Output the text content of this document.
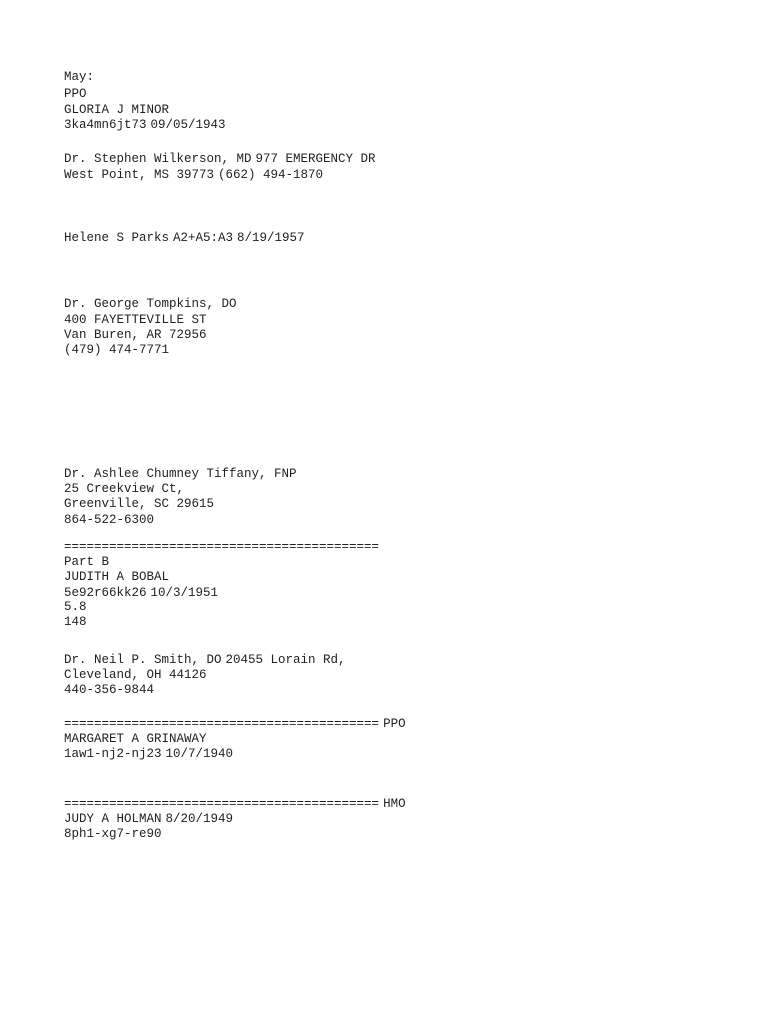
May:

PPO

GLORIA J MINOR

3ka4mn6jt73 09/05/1943

Dr. Stephen Wilkerson, MD 977 EMERGENCY DR

West Point, MS 39773 (662) 494-1870

Helene S Parks A2+A5:A3 8/19/1957

Dr. George Tompkins, DO

400 FAYETTEVILLE ST

Van Buren, AR 72956

(479) 474-7771

Dr. Ashlee Chumney Tiffany, FNP

25 Creekview Ct,

Greenville, SC 29615

864-522-6300

==========================================

Part B

JUDITH A BOBAL

5e92r66kk26 10/3/1951

5.8

148

Dr. Neil P. Smith, DO 20455 Lorain Rd,

Cleveland, OH 44126

440-356-9844

========================================== PPO

MARGARET A GRINAWAY

1aw1-nj2-nj23 10/7/1940

========================================== HMO

JUDY A HOLMAN 8/20/1949

8ph1-xg7-re90
